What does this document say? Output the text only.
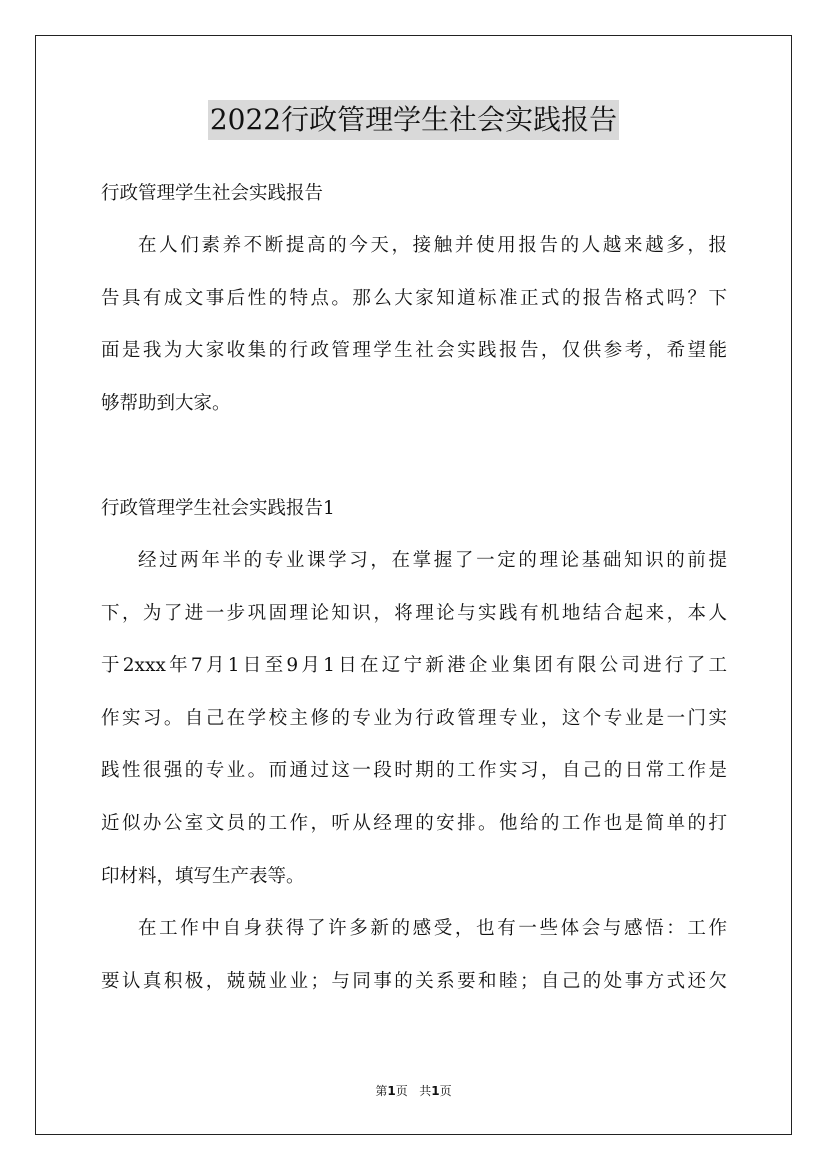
2022行政管理学生社会实践报告
行政管理学生社会实践报告
在人们素养不断提高的今天，接触并使用报告的人越来越多，报
告具有成文事后性的特点。那么大家知道标准正式的报告格式吗？下
面是我为大家收集的行政管理学生社会实践报告，仅供参考，希望能
够帮助到大家。
行政管理学生社会实践报告1
经过两年半的专业课学习，在掌握了一定的理论基础知识的前提
下，为了进一步巩固理论知识，将理论与实践有机地结合起来，本人
于2xxx年7月1日至9月1日在辽宁新港企业集团有限公司进行了工
作实习。自己在学校主修的专业为行政管理专业，这个专业是一门实
践性很强的专业。而通过这一段时期的工作实习，自己的日常工作是
近似办公室文员的工作，听从经理的安排。他给的工作也是简单的打
印材料，填写生产表等。
在工作中自身获得了许多新的感受，也有一些体会与感悟：工作
要认真积极，兢兢业业；与同事的关系要和睦；自己的处事方式还欠
第1页 共1页
